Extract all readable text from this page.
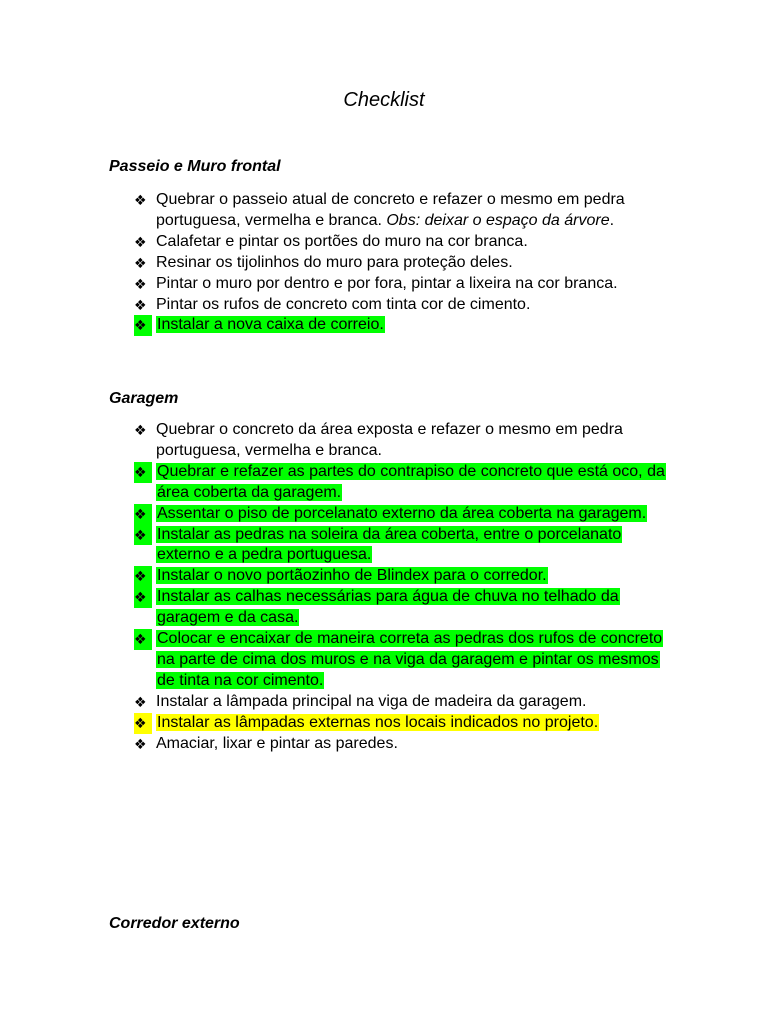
Checklist
Passeio e Muro frontal
❖ Quebrar o passeio atual de concreto e refazer o mesmo em pedra portuguesa, vermelha e branca. Obs: deixar o espaço da árvore.
❖ Calafetar e pintar os portões do muro na cor branca.
❖ Resinar os tijolinhos do muro para proteção deles.
❖ Pintar o muro por dentro e por fora, pintar a lixeira na cor branca.
❖ Pintar os rufos de concreto com tinta cor de cimento.
❖ Instalar a nova caixa de correio.
Garagem
❖ Quebrar o concreto da área exposta e refazer o mesmo em pedra portuguesa, vermelha e branca.
❖ Quebrar e refazer as partes do contrapiso de concreto que está oco, da área coberta da garagem.
❖ Assentar o piso de porcelanato externo da área coberta na garagem.
❖ Instalar as pedras na soleira da área coberta, entre o porcelanato externo e a pedra portuguesa.
❖ Instalar o novo portãozinho de Blindex para o corredor.
❖ Instalar as calhas necessárias para água de chuva no telhado da garagem e da casa.
❖ Colocar e encaixar de maneira correta as pedras dos rufos de concreto na parte de cima dos muros e na viga da garagem e pintar os mesmos de tinta na cor cimento.
❖ Instalar a lâmpada principal na viga de madeira da garagem.
❖ Instalar as lâmpadas externas nos locais indicados no projeto.
❖ Amaciar, lixar e pintar as paredes.
Corredor externo
